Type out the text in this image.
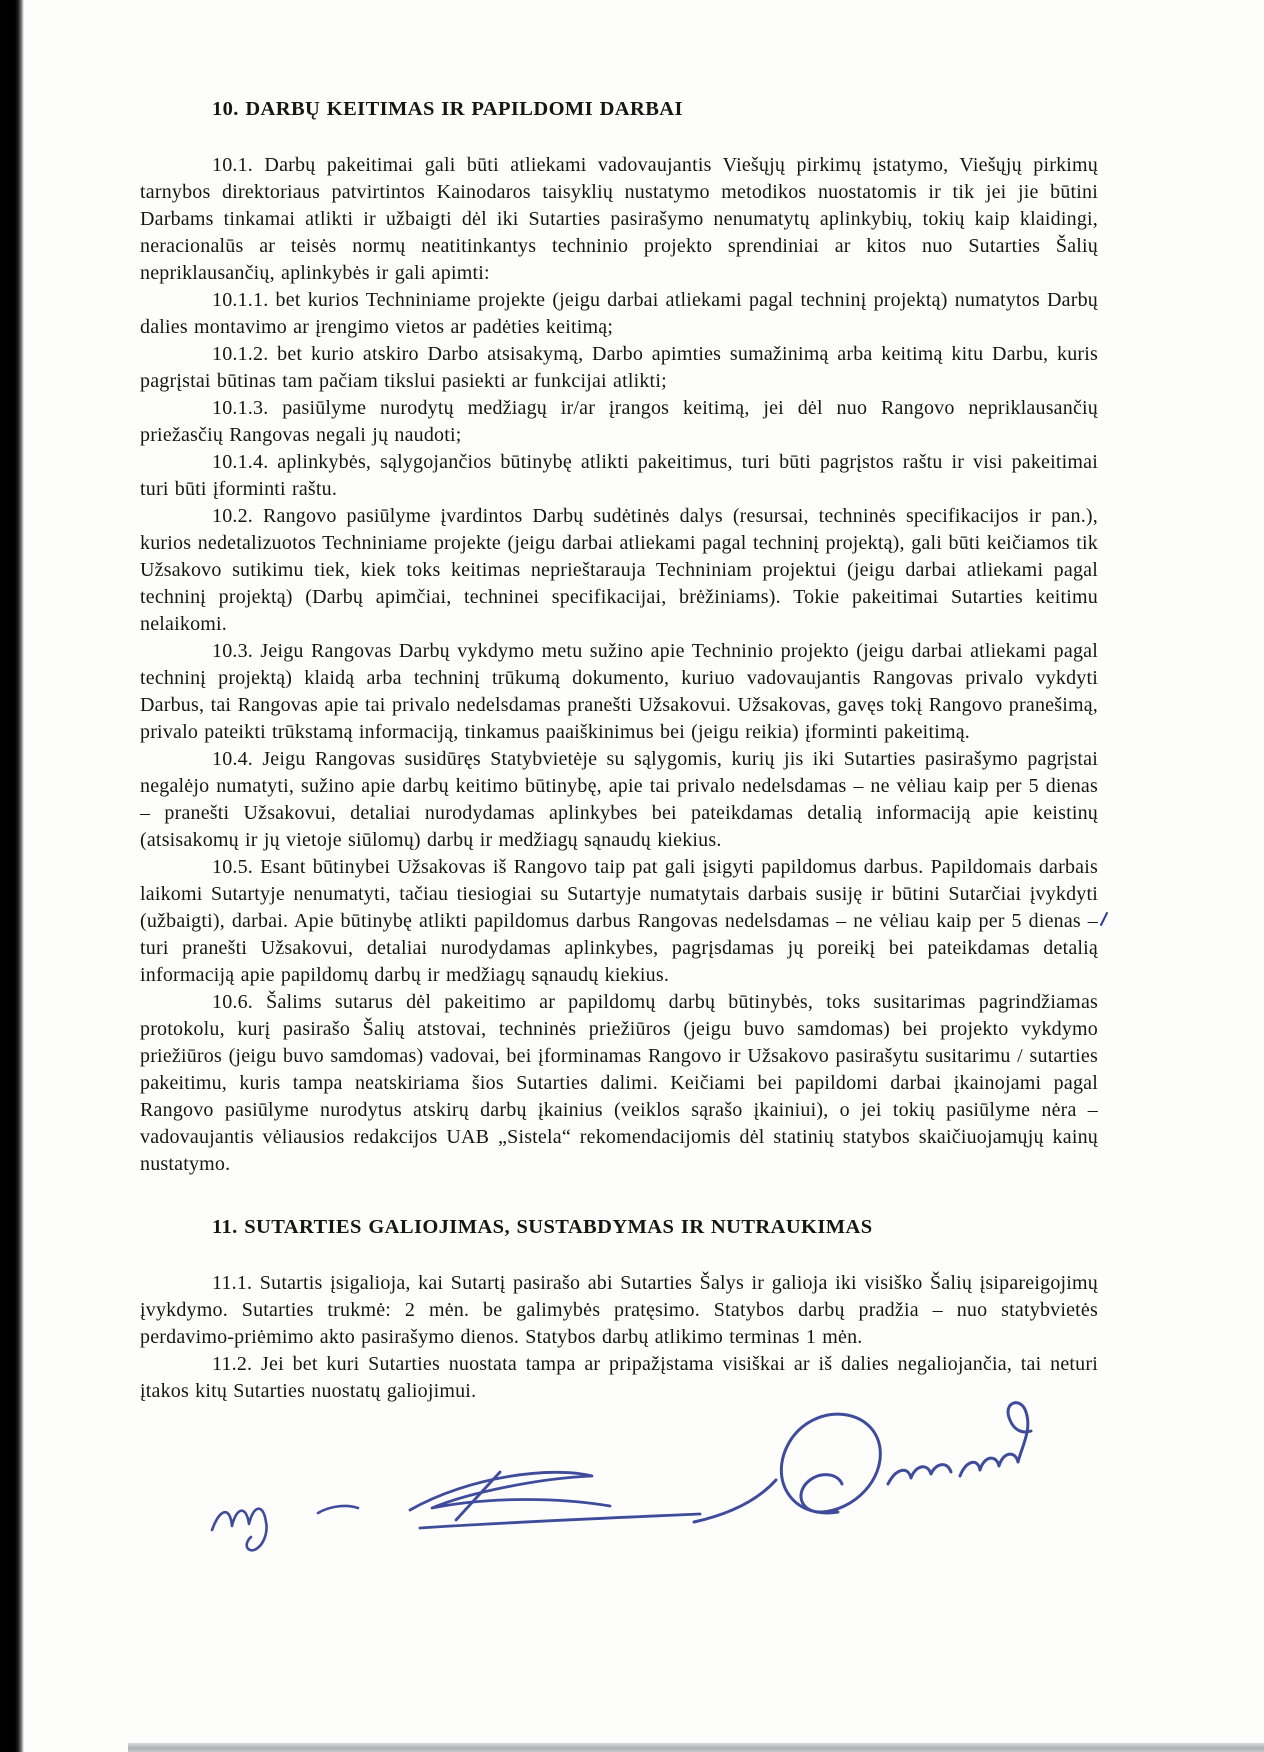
10. DARBŲ KEITIMAS IR PAPILDOMI DARBAI

10.1. Darbų pakeitimai gali būti atliekami vadovaujantis Viešųjų pirkimų įstatymo, Viešųjų pirkimų tarnybos direktoriaus patvirtintos Kainodaros taisyklių nustatymo metodikos nuostatomis ir tik jei jie būtini Darbams tinkamai atlikti ir užbaigti dėl iki Sutarties pasirašymo nenumatytų aplinkybių, tokių kaip klaidingi, neracionalūs ar teisės normų neatitinkantys techninio projekto sprendiniai ar kitos nuo Sutarties Šalių nepriklausančių, aplinkybės ir gali apimti:

10.1.1. bet kurios Techniniame projekte (jeigu darbai atliekami pagal techninį projektą) numatytos Darbų dalies montavimo ar įrengimo vietos ar padėties keitimą;

10.1.2. bet kurio atskiro Darbo atsisakymą, Darbo apimties sumažinimą arba keitimą kitu Darbu, kuris pagrįstai būtinas tam pačiam tikslui pasiekti ar funkcijai atlikti;

10.1.3. pasiūlyme nurodytų medžiagų ir/ar įrangos keitimą, jei dėl nuo Rangovo nepriklausančių priežasčių Rangovas negali jų naudoti;

10.1.4. aplinkybės, sąlygojančios būtinybę atlikti pakeitimus, turi būti pagrįstos raštu ir visi pakeitimai turi būti įforminti raštu.

10.2. Rangovo pasiūlyme įvardintos Darbų sudėtinės dalys (resursai, techninės specifikacijos ir pan.), kurios nedetalizuotos Techniniame projekte (jeigu darbai atliekami pagal techninį projektą), gali būti keičiamos tik Užsakovo sutikimu tiek, kiek toks keitimas neprieštarauja Techniniam projektui (jeigu darbai atliekami pagal techninį projektą) (Darbų apimčiai, techninei specifikacijai, brėžiniams). Tokie pakeitimai Sutarties keitimu nelaikomi.

10.3. Jeigu Rangovas Darbų vykdymo metu sužino apie Techninio projekto (jeigu darbai atliekami pagal techninį projektą) klaidą arba techninį trūkumą dokumento, kuriuo vadovaujantis Rangovas privalo vykdyti Darbus, tai Rangovas apie tai privalo nedelsdamas pranešti Užsakovui. Užsakovas, gavęs tokį Rangovo pranešimą, privalo pateikti trūkstamą informaciją, tinkamus paaiškinimus bei (jeigu reikia) įforminti pakeitimą.

10.4. Jeigu Rangovas susidūręs Statybvietėje su sąlygomis, kurių jis iki Sutarties pasirašymo pagrįstai negalėjo numatyti, sužino apie darbų keitimo būtinybę, apie tai privalo nedelsdamas – ne vėliau kaip per 5 dienas – pranešti Užsakovui, detaliai nurodydamas aplinkybes bei pateikdamas detalią informaciją apie keistinų (atsisakomų ir jų vietoje siūlomų) darbų ir medžiagų sąnaudų kiekius.

10.5. Esant būtinybei Užsakovas iš Rangovo taip pat gali įsigyti papildomus darbus. Papildomais darbais laikomi Sutartyje nenumatyti, tačiau tiesiogiai su Sutartyje numatytais darbais susiję ir būtini Sutarčiai įvykdyti (užbaigti), darbai. Apie būtinybę atlikti papildomus darbus Rangovas nedelsdamas – ne vėliau kaip per 5 dienas – turi pranešti Užsakovui, detaliai nurodydamas aplinkybes, pagrįsdamas jų poreikį bei pateikdamas detalią informaciją apie papildomų darbų ir medžiagų sąnaudų kiekius.

10.6. Šalims sutarus dėl pakeitimo ar papildomų darbų būtinybės, toks susitarimas pagrindžiamas protokolu, kurį pasirašo Šalių atstovai, techninės priežiūros (jeigu buvo samdomas) bei projekto vykdymo priežiūros (jeigu buvo samdomas) vadovai, bei įforminamas Rangovo ir Užsakovo pasirašytu susitarimu / sutarties pakeitimu, kuris tampa neatskiriama šios Sutarties dalimi. Keičiami bei papildomi darbai įkainojami pagal Rangovo pasiūlyme nurodytus atskirų darbų įkainius (veiklos sąrašo įkainiui), o jei tokių pasiūlyme nėra – vadovaujantis vėliausios redakcijos UAB „Sistela“ rekomendacijomis dėl statinių statybos skaičiuojamųjų kainų nustatymo.

11. SUTARTIES GALIOJIMAS, SUSTABDYMAS IR NUTRAUKIMAS

11.1. Sutartis įsigalioja, kai Sutartį pasirašo abi Sutarties Šalys ir galioja iki visiško Šalių įsipareigojimų įvykdymo. Sutarties trukmė: 2 mėn. be galimybės pratęsimo. Statybos darbų pradžia – nuo statybvietės perdavimo-priėmimo akto pasirašymo dienos. Statybos darbų atlikimo terminas 1 mėn.

11.2. Jei bet kuri Sutarties nuostata tampa ar pripažįstama visiškai ar iš dalies negaliojančia, tai neturi įtakos kitų Sutarties nuostatų galiojimui.
